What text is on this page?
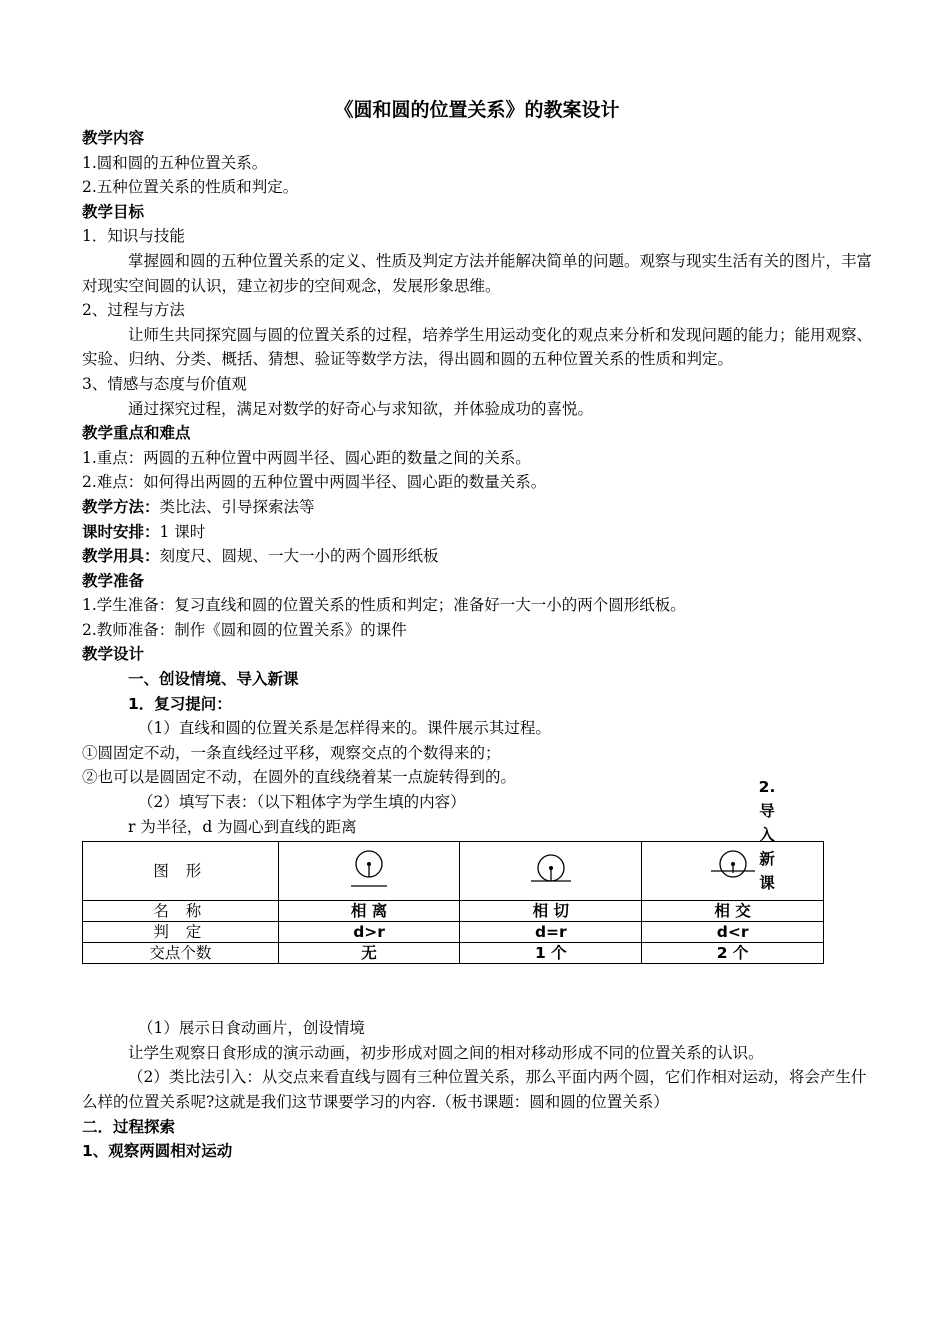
《圆和圆的位置关系》的教案设计

教学内容

1.圆和圆的五种位置关系。

2.五种位置关系的性质和判定。

教学目标

1．知识与技能

掌握圆和圆的五种位置关系的定义、性质及判定方法并能解决简单的问题。观察与现实生活有关的图片，丰富对现实空间圆的认识，建立初步的空间观念，发展形象思维。

2、过程与方法

让师生共同探究圆与圆的位置关系的过程，培养学生用运动变化的观点来分析和发现问题的能力；能用观察、实验、归纳、分类、概括、猜想、验证等数学方法，得出圆和圆的五种位置关系的性质和判定。

3、情感与态度与价值观

通过探究过程，满足对数学的好奇心与求知欲，并体验成功的喜悦。

教学重点和难点

1.重点：两圆的五种位置中两圆半径、圆心距的数量之间的关系。

2.难点：如何得出两圆的五种位置中两圆半径、圆心距的数量关系。

教学方法：类比法、引导探索法等

课时安排：1 课时

教学用具：刻度尺、圆规、一大一小的两个圆形纸板

教学准备

1.学生准备：复习直线和圆的位置关系的性质和判定；准备好一大一小的两个圆形纸板。

2.教师准备：制作《圆和圆的位置关系》的课件

教学设计

一、创设情境、导入新课

1．复习提问：

（1）直线和圆的位置关系是怎样得来的。课件展示其过程。

①圆固定不动，一条直线经过平移，观察交点的个数得来的；

②也可以是圆固定不动，在圆外的直线绕着某一点旋转得到的。

（2）填写下表：（以下粗体字为学生填的内容）

r 为半径，d 为圆心到直线的距离

图 形	

名 称	相 离	相 切	相 交
判 定	d>r	d=r	d<r
交点个数	无	1 个	2 个

（1）展示日食动画片，创设情境

让学生观察日食形成的演示动画，初步形成对圆之间的相对移动形成不同的位置关系的认识。

（2）类比法引入：从交点来看直线与圆有三种位置关系，那么平面内两个圆，它们作相对运动，将会产生什么样的位置关系呢?这就是我们这节课要学习的内容.（板书课题：圆和圆的位置关系）

二．过程探索

1、观察两圆相对运动

2.
导
入
新
课
